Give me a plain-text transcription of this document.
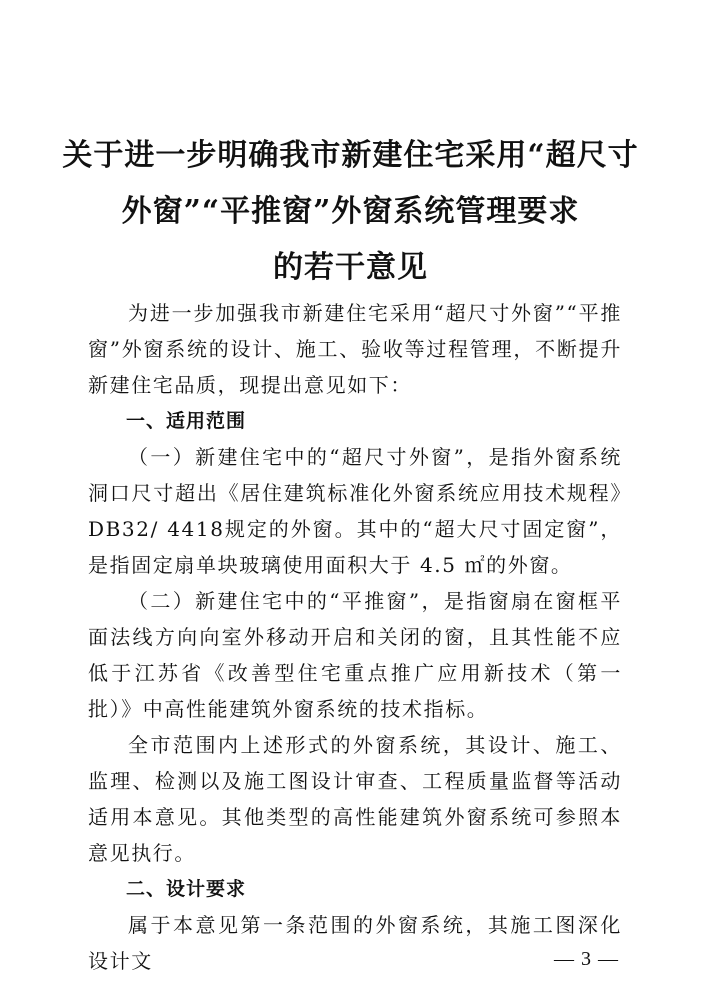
关于进一步明确我市新建住宅采用“超尺寸
外窗”“平推窗”外窗系统管理要求
的若干意见

为进一步加强我市新建住宅采用“超尺寸外窗”“平推窗”外窗系统的设计、施工、验收等过程管理，不断提升新建住宅品质，现提出意见如下：

一、适用范围

（一）新建住宅中的“超尺寸外窗”，是指外窗系统洞口尺寸超出《居住建筑标准化外窗系统应用技术规程》DB32/ 4418规定的外窗。其中的“超大尺寸固定窗”，是指固定扇单块玻璃使用面积大于 4.5 ㎡的外窗。

（二）新建住宅中的“平推窗”，是指窗扇在窗框平面法线方向向室外移动开启和关闭的窗，且其性能不应低于江苏省《改善型住宅重点推广应用新技术（第一批）》中高性能建筑外窗系统的技术指标。

全市范围内上述形式的外窗系统，其设计、施工、监理、检测以及施工图设计审查、工程质量监督等活动适用本意见。其他类型的高性能建筑外窗系统可参照本意见执行。

二、设计要求

属于本意见第一条范围的外窗系统，其施工图深化设计文	— 3 —
